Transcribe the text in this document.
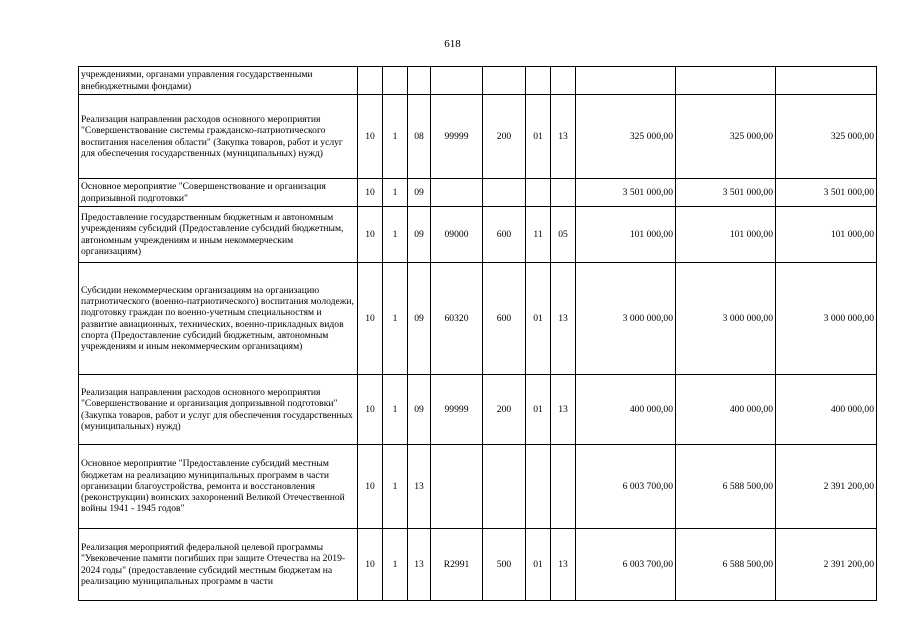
618
учреждениями, органами управления государственными внебюджетными фондами)										
Реализация направления расходов основного мероприятия "Совершенствование системы гражданско-патриотического воспитания населения области" (Закупка товаров, работ и услуг для обеспечения государственных (муниципальных) нужд)	10	1	08	99999	200	01	13	325 000,00	325 000,00	325 000,00
Основное мероприятие "Совершенствование и организация допризывной подготовки"	10	1	09					3 501 000,00	3 501 000,00	3 501 000,00
Предоставление государственным бюджетным и автономным учреждениям субсидий (Предоставление субсидий бюджетным, автономным учреждениям и иным некоммерческим организациям)	10	1	09	09000	600	11	05	101 000,00	101 000,00	101 000,00
Субсидии некоммерческим организациям на организацию патриотического (военно-патриотического) воспитания молодежи, подготовку граждан по военно-учетным специальностям и развитие авиационных, технических, военно-прикладных видов спорта (Предоставление субсидий бюджетным, автономным учреждениям и иным некоммерческим организациям)	10	1	09	60320	600	01	13	3 000 000,00	3 000 000,00	3 000 000,00
Реализация направления расходов основного мероприятия "Совершенствование и организация допризывной подготовки" (Закупка товаров, работ и услуг для обеспечения государственных (муниципальных) нужд)	10	1	09	99999	200	01	13	400 000,00	400 000,00	400 000,00
Основное мероприятие "Предоставление субсидий местным бюджетам на реализацию муниципальных программ в части организации благоустройства, ремонта и восстановления (реконструкции) воинских захоронений Великой Отечественной войны 1941 - 1945 годов"	10	1	13					6 003 700,00	6 588 500,00	2 391 200,00
Реализация мероприятий федеральной целевой программы "Увековечение памяти погибших при защите Отечества на 2019-2024 годы" (предоставление субсидий местным бюджетам на реализацию муниципальных программ в части	10	1	13	R2991	500	01	13	6 003 700,00	6 588 500,00	2 391 200,00
